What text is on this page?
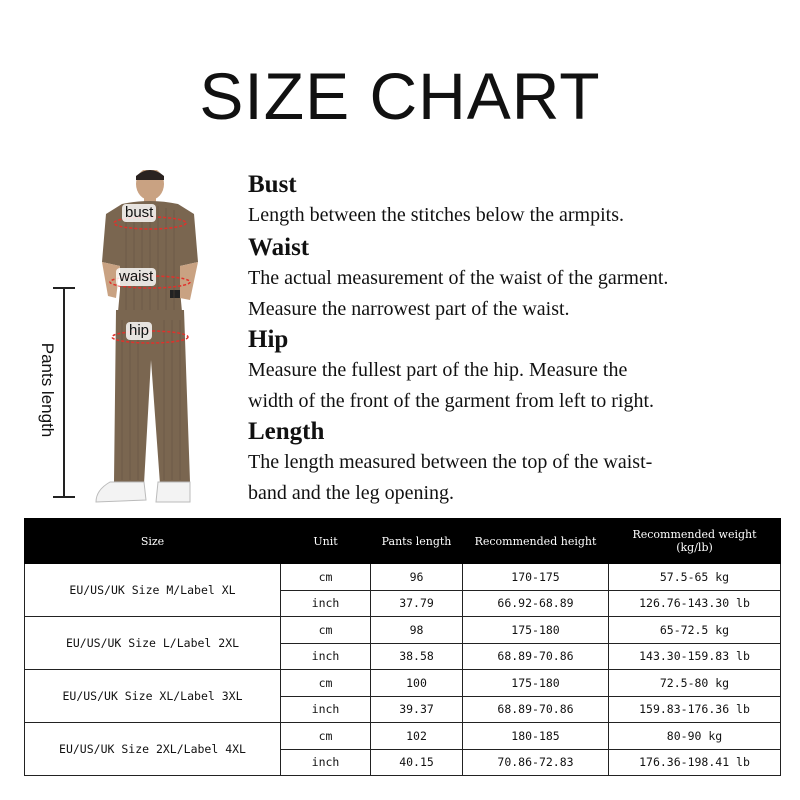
SIZE CHART
bust
waist
hip
Pants length
Bust

Length between the stitches below the armpits.

Waist

The actual measurement of the waist of the garment.
Measure the narrowest part of the waist.

Hip

Measure the fullest part of the hip. Measure the
width of the front of the garment from left to right.

Length

The length measured between the top of the waist-
band and the leg opening.

Size	Unit	Pants length	Recommended height	Recommended weight
(kg/lb)
EU/US/UK Size M/Label XL	cm	96	170-175	57.5-65 kg
	inch	37.79	66.92-68.89	126.76-143.30 lb
EU/US/UK Size L/Label 2XL	cm	98	175-180	65-72.5 kg
	inch	38.58	68.89-70.86	143.30-159.83 lb
EU/US/UK Size XL/Label 3XL	cm	100	175-180	72.5-80 kg
	inch	39.37	68.89-70.86	159.83-176.36 lb
EU/US/UK Size 2XL/Label 4XL	cm	102	180-185	80-90 kg
	inch	40.15	70.86-72.83	176.36-198.41 lb
